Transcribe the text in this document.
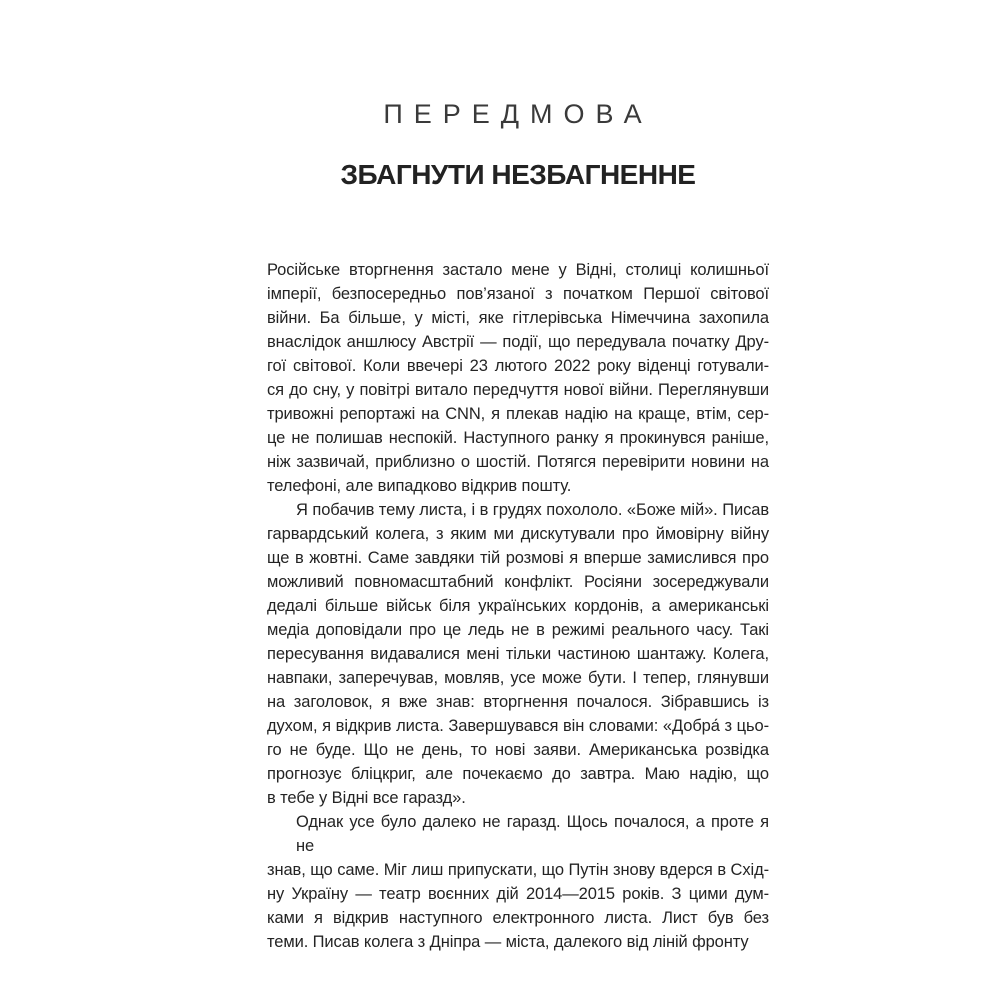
ПЕРЕДМОВА
ЗБАГНУТИ НЕЗБАГНЕННЕ
Російське вторгнення застало мене у Відні, столиці колишньої
імперії, безпосередньо пов’язаної з початком Першої світової
війни. Ба більше, у місті, яке гітлерівська Німеччина захопила
внаслідок аншлюсу Австрії — події, що передувала початку Дру-
гої світової. Коли ввечері 23 лютого 2022 року віденці готували-
ся до сну, у повітрі витало передчуття нової війни. Переглянувши
тривожні репортажі на CNN, я плекав надію на краще, втім, сер-
це не полишав неспокій. Наступного ранку я прокинувся раніше,
ніж зазвичай, приблизно о шостій. Потягся перевірити новини на
телефоні, але випадково відкрив пошту.
Я побачив тему листа, і в грудях похололо. «Боже мій». Писав
гарвардський колега, з яким ми дискутували про ймовірну війну
ще в жовтні. Саме завдяки тій розмові я вперше замислився про
можливий повномасштабний конфлікт. Росіяни зосереджували
дедалі більше військ біля українських кордонів, а американські
медіа доповідали про це ледь не в режимі реального часу. Такі
пересування видавалися мені тільки частиною шантажу. Колега,
навпаки, заперечував, мовляв, усе може бути. І тепер, глянувши
на заголовок, я вже знав: вторгнення почалося. Зібравшись із
духом, я відкрив листа. Завершувався він словами: «Добра́ з цьо-
го не буде. Що не день, то нові заяви. Американська розвідка
прогнозує бліцкриг, але почекаємо до завтра. Маю надію, що
в тебе у Відні все гаразд».
Однак усе було далеко не гаразд. Щось почалося, а проте я не
знав, що саме. Міг лиш припускати, що Путін знову вдерся в Схід-
ну Україну — театр воєнних дій 2014—2015 років. З цими дум-
ками я відкрив наступного електронного листа. Лист був без
теми. Писав колега з Дніпра — міста, далекого від ліній фронту
